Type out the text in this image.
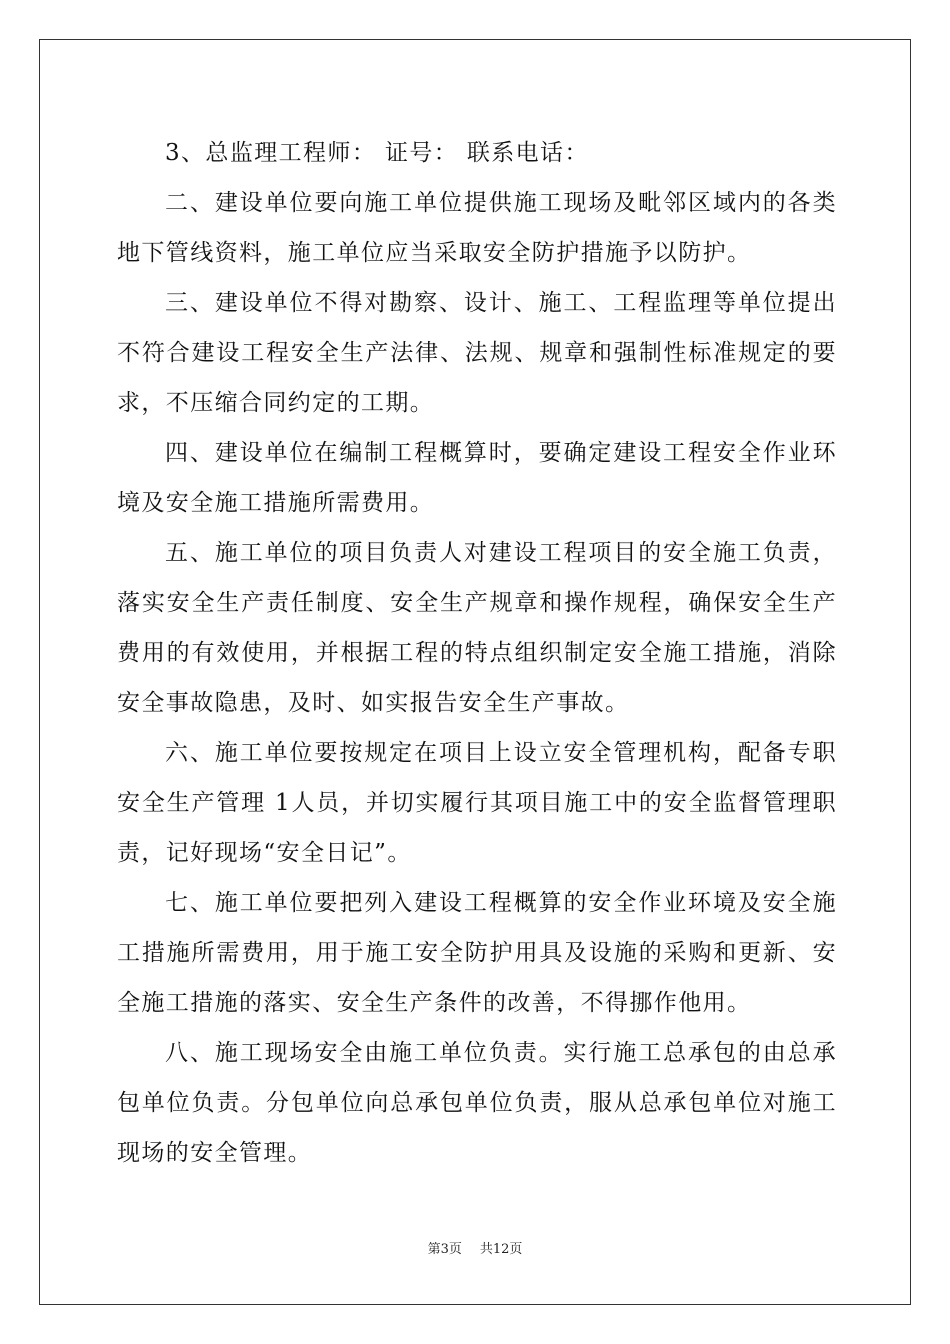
3、总监理工程师： 证号： 联系电话：

二、建设单位要向施工单位提供施工现场及毗邻区域内的各类地下管线资料，施工单位应当采取安全防护措施予以防护。

三、建设单位不得对勘察、设计、施工、工程监理等单位提出不符合建设工程安全生产法律、法规、规章和强制性标准规定的要求，不压缩合同约定的工期。

四、建设单位在编制工程概算时，要确定建设工程安全作业环境及安全施工措施所需费用。

五、施工单位的项目负责人对建设工程项目的安全施工负责，落实安全生产责任制度、安全生产规章和操作规程，确保安全生产费用的有效使用，并根据工程的特点组织制定安全施工措施，消除安全事故隐患，及时、如实报告安全生产事故。

六、施工单位要按规定在项目上设立安全管理机构，配备专职安全生产管理 1人员，并切实履行其项目施工中的安全监督管理职责，记好现场“安全日记”。

七、施工单位要把列入建设工程概算的安全作业环境及安全施工措施所需费用，用于施工安全防护用具及设施的采购和更新、安全施工措施的落实、安全生产条件的改善，不得挪作他用。

八、施工现场安全由施工单位负责。实行施工总承包的由总承包单位负责。分包单位向总承包单位负责，服从总承包单位对施工现场的安全管理。

第3页 共12页
